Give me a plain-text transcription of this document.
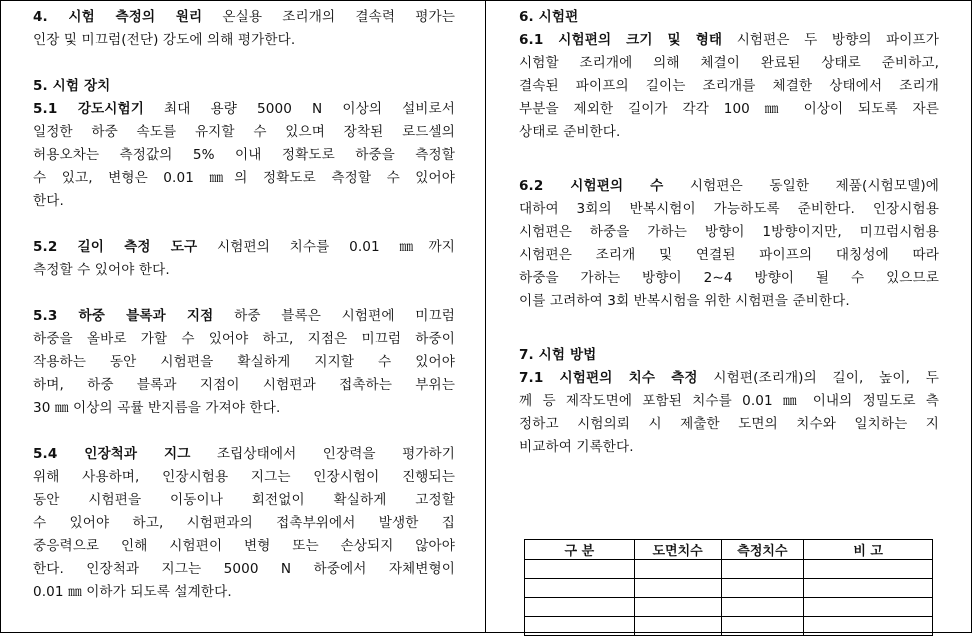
4. 시험 측정의 원리 온실용 조리개의 결속력 평가는
인장 및 미끄럼(전단) 강도에 의해 평가한다.
5. 시험 장치
5.1 강도시험기 최대 용량 5000 N 이상의 설비로서
일정한 하중 속도를 유지할 수 있으며 장착된 로드셀의
허용오차는 측정값의 5% 이내 정확도로 하중을 측정할
수 있고, 변형은 0.01 ㎜의 정확도로 측정할 수 있어야
한다.
5.2 길이 측정 도구 시험편의 치수를 0.01 ㎜까지
측정할 수 있어야 한다.
5.3 하중 블록과 지점 하중 블록은 시험편에 미끄럼
하중을 올바로 가할 수 있어야 하고, 지점은 미끄럼 하중이
작용하는 동안 시험편을 확실하게 지지할 수 있어야
하며, 하중 블록과 지점이 시험편과 접촉하는 부위는
30 ㎜ 이상의 곡률 반지름을 가져야 한다.
5.4 인장척과 지그 조립상태에서 인장력을 평가하기
위해 사용하며, 인장시험용 지그는 인장시험이 진행되는
동안 시험편을 이동이나 회전없이 확실하게 고정할
수 있어야 하고, 시험편과의 접촉부위에서 발생한 집
중응력으로 인해 시험편이 변형 또는 손상되지 않아야
한다. 인장척과 지그는 5000 N 하중에서 자체변형이
0.01 ㎜ 이하가 되도록 설계한다.
6. 시험편
6.1 시험편의 크기 및 형태 시험편은 두 방향의 파이프가
시험할 조리개에 의해 체결이 완료된 상태로 준비하고,
결속된 파이프의 길이는 조리개를 체결한 상태에서 조리개
부분을 제외한 길이가 각각 100 ㎜ 이상이 되도록 자른
상태로 준비한다.
6.2 시험편의 수 시험편은 동일한 제품(시험모델)에
대하여 3회의 반복시험이 가능하도록 준비한다. 인장시험용
시험편은 하중을 가하는 방향이 1방향이지만, 미끄럼시험용
시험편은 조리개 및 연결된 파이프의 대칭성에 따라
하중을 가하는 방향이 2∼4 방향이 될 수 있으므로
이를 고려하여 3회 반복시험을 위한 시험편을 준비한다.
7. 시험 방법
7.1 시험편의 치수 측정 시험편(조리개)의 길이, 높이, 두
께 등 제작도면에 포함된 치수를 0.01 ㎜ 이내의 정밀도로 측
정하고 시험의뢰 시 제출한 도면의 치수와 일치하는 지
비교하여 기록한다.
구 분	도면치수	측정치수	비 고
